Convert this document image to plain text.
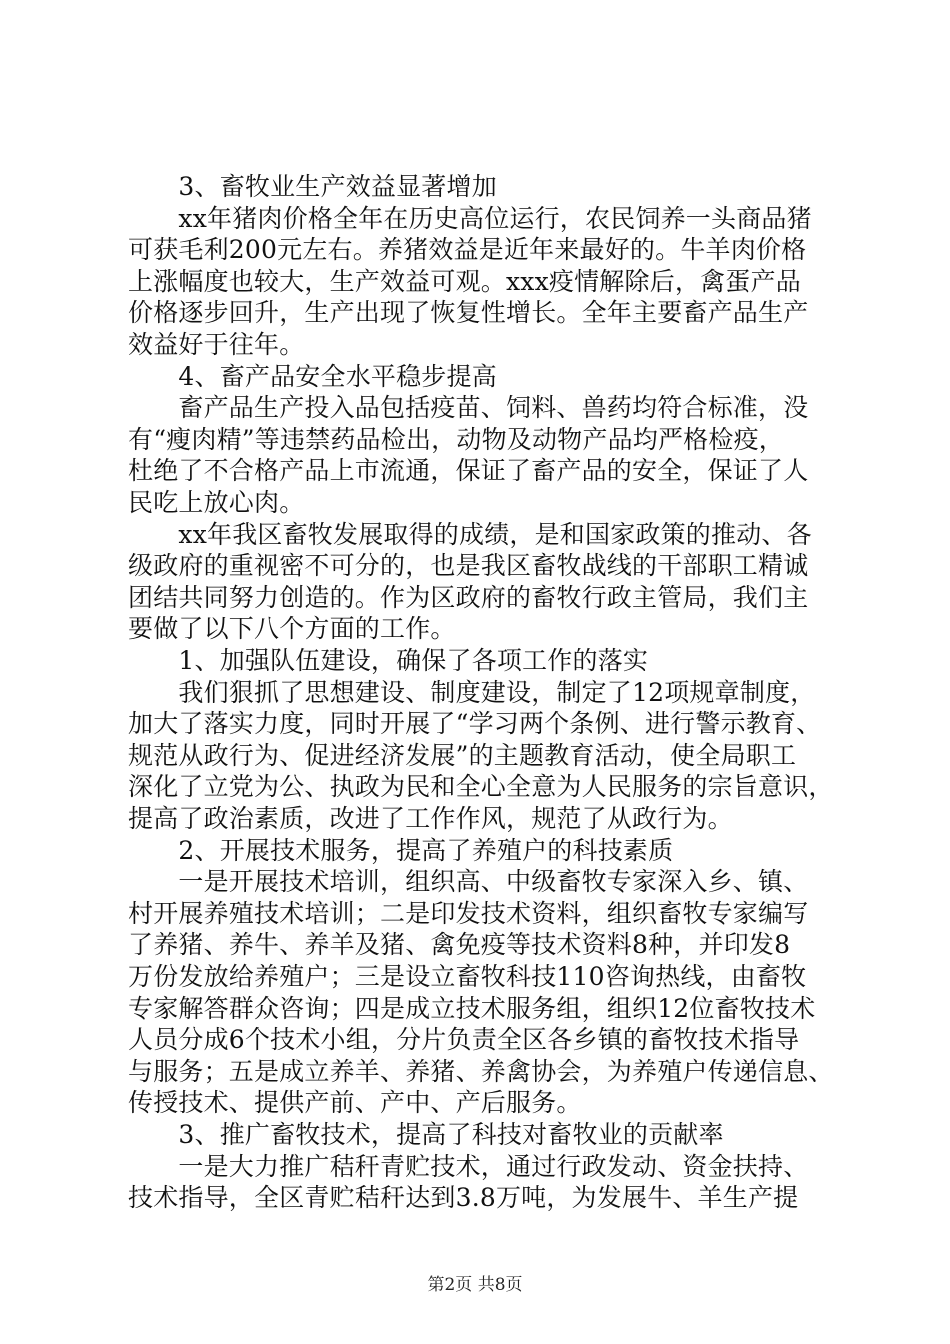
　　3、畜牧业生产效益显著增加
　　xx年猪肉价格全年在历史高位运行，农民饲养一头商品猪
可获毛利200元左右。养猪效益是近年来最好的。牛羊肉价格
上涨幅度也较大，生产效益可观。xxx疫情解除后，禽蛋产品
价格逐步回升，生产出现了恢复性增长。全年主要畜产品生产
效益好于往年。
　　4、畜产品安全水平稳步提高
　　畜产品生产投入品包括疫苗、饲料、兽药均符合标准，没
有“瘦肉精”等违禁药品检出，动物及动物产品均严格检疫，
杜绝了不合格产品上市流通，保证了畜产品的安全，保证了人
民吃上放心肉。
　　xx年我区畜牧发展取得的成绩，是和国家政策的推动、各
级政府的重视密不可分的，也是我区畜牧战线的干部职工精诚
团结共同努力创造的。作为区政府的畜牧行政主管局，我们主
要做了以下八个方面的工作。
　　1、加强队伍建设，确保了各项工作的落实
　　我们狠抓了思想建设、制度建设，制定了12项规章制度，
加大了落实力度，同时开展了“学习两个条例、进行警示教育、
规范从政行为、促进经济发展”的主题教育活动，使全局职工
深化了立党为公、执政为民和全心全意为人民服务的宗旨意识，
提高了政治素质，改进了工作作风，规范了从政行为。
　　2、开展技术服务，提高了养殖户的科技素质
　　一是开展技术培训，组织高、中级畜牧专家深入乡、镇、
村开展养殖技术培训；二是印发技术资料，组织畜牧专家编写
了养猪、养牛、养羊及猪、禽免疫等技术资料8种，并印发8
万份发放给养殖户；三是设立畜牧科技110咨询热线，由畜牧
专家解答群众咨询；四是成立技术服务组，组织12位畜牧技术
人员分成6个技术小组，分片负责全区各乡镇的畜牧技术指导
与服务；五是成立养羊、养猪、养禽协会，为养殖户传递信息、
传授技术、提供产前、产中、产后服务。
　　3、推广畜牧技术，提高了科技对畜牧业的贡献率
　　一是大力推广秸秆青贮技术，通过行政发动、资金扶持、
技术指导，全区青贮秸秆达到3.8万吨，为发展牛、羊生产提
第2页 共8页
